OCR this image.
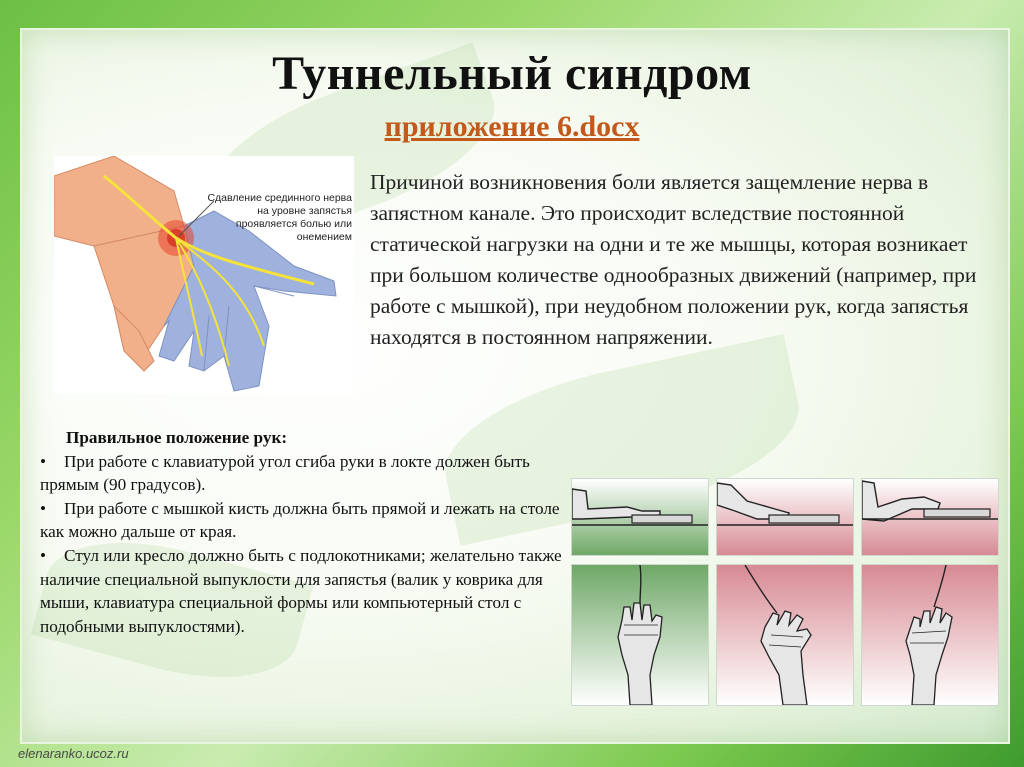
Туннельный синдром
приложение 6.docx
Сдавление срединного нерва на уровне запястья проявляется болью или онемением

Причиной возникновения боли является защемление нерва в запястном канале. Это происходит вследствие постоянной статической нагрузки на одни и те же мышцы, которая возникает при большом количестве однообразных движений (например, при работе с мышкой), при неудобном положении рук, когда запястья находятся в постоянном напряжении.

Правильное положение рук:
• При работе с клавиатурой угол сгиба руки в локте должен быть прямым (90 градусов).
• При работе с мышкой кисть должна быть прямой и лежать на столе как можно дальше от края.
• Стул или кресло должно быть с подлокотниками; желательно также наличие специальной выпуклости для запястья (валик у коврика для мыши, клавиатура специальной формы или компьютерный стол с подобными выпуклостями).
elenaranko.ucoz.ru
